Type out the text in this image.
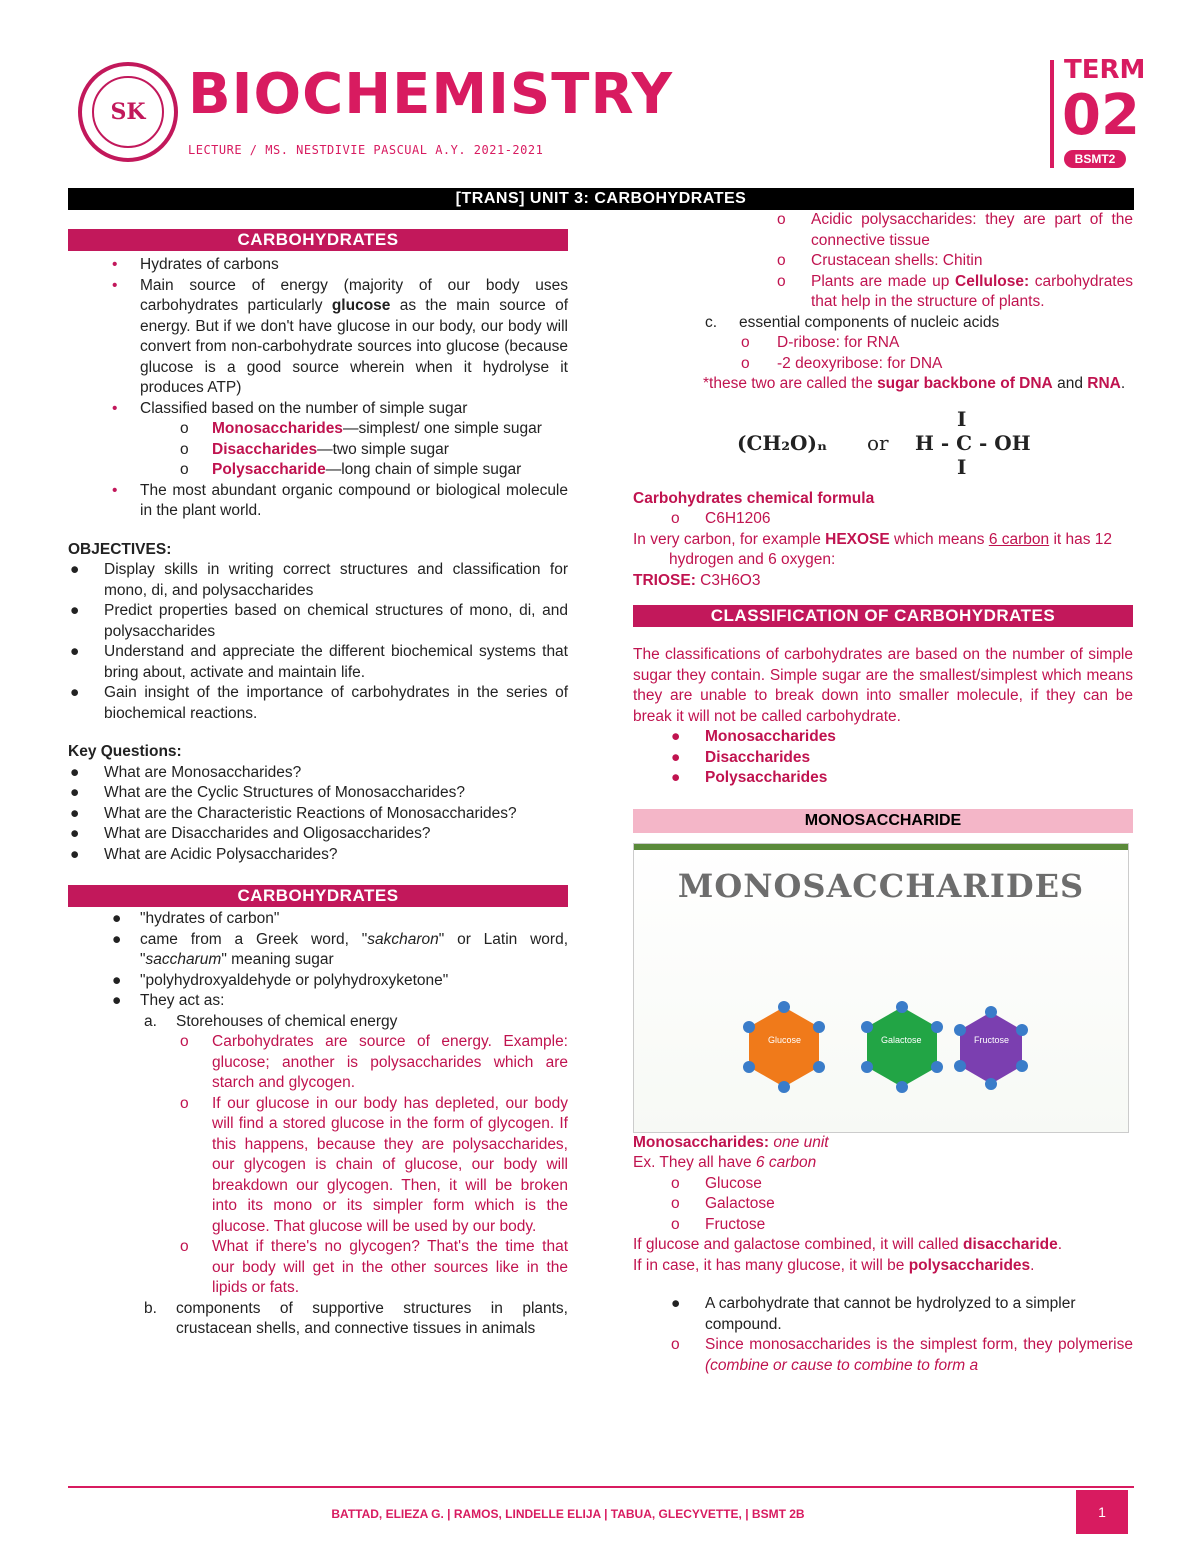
SK BIOCHEMISTRY
LECTURE / MS. NESTDIVIE PASCUAL A.Y. 2021-2021
TERM
02
BSMT2
[TRANS] UNIT 3: CARBOHYDRATES
CARBOHYDRATES
• Hydrates of carbons
• Main source of energy (majority of our body uses carbohydrates particularly glucose as the main source of energy. But if we don't have glucose in our body, our body will convert from non-carbohydrate sources into glucose (because glucose is a good source wherein when it hydrolyse it produces ATP)
• Classified based on the number of simple sugar
o Monosaccharides—simplest/ one simple sugar
o Disaccharides—two simple sugar
o Polysaccharide—long chain of simple sugar
• The most abundant organic compound or biological molecule in the plant world.
OBJECTIVES:
● Display skills in writing correct structures and classification for mono, di, and polysaccharides
● Predict properties based on chemical structures of mono, di, and polysaccharides
● Understand and appreciate the different biochemical systems that bring about, activate and maintain life.
● Gain insight of the importance of carbohydrates in the series of biochemical reactions.
Key Questions:
● What are Monosaccharides?
● What are the Cyclic Structures of Monosaccharides?
● What are the Characteristic Reactions of Monosaccharides?
● What are Disaccharides and Oligosaccharides?
● What are Acidic Polysaccharides?
CARBOHYDRATES
● "hydrates of carbon"
● came from a Greek word, "sakcharon" or Latin word, "saccharum" meaning sugar
● "polyhydroxyaldehyde or polyhydroxyketone"
● They act as:
a. Storehouses of chemical energy
o Carbohydrates are source of energy. Example: glucose; another is polysaccharides which are starch and glycogen.
o If our glucose in our body has depleted, our body will find a stored glucose in the form of glycogen. If this happens, because they are polysaccharides, our glycogen is chain of glucose, our body will breakdown our glycogen. Then, it will be broken into its mono or its simpler form which is the glucose. That glucose will be used by our body.
o What if there's no glycogen? That's the time that our body will get in the other sources like in the lipids or fats.
b. components of supportive structures in plants, crustacean shells, and connective tissues in animals
o Acidic polysaccharides: they are part of the connective tissue
o Crustacean shells: Chitin
o Plants are made up Cellulose: carbohydrates that help in the structure of plants.
c. essential components of nucleic acids
o D-ribose: for RNA
o -2 deoxyribose: for DNA
*these two are called the sugar backbone of DNA and RNA.
(CH₂O)ₙ or H - C - OH
I
I
Carbohydrates chemical formula
o C6H1206
In very carbon, for example HEXOSE which means 6 carbon it has 12 hydrogen and 6 oxygen:
TRIOSE: C3H6O3
CLASSIFICATION OF CARBOHYDRATES

The classifications of carbohydrates are based on the number of simple sugar they contain. Simple sugar are the smallest/simplest which means they are unable to break down into smaller molecule, if they can be break it will not be called carbohydrate.

● Monosaccharides
● Disaccharides
● Polysaccharides
MONOSACCHARIDE
MONOSACCHARIDES
Glucose	Galactose	Fructose
Monosaccharides: one unit
Ex. They all have 6 carbon
o Glucose
o Galactose
o Fructose
If glucose and galactose combined, it will called disaccharide.
If in case, it has many glucose, it will be polysaccharides.
● A carbohydrate that cannot be hydrolyzed to a simpler compound.
o Since monosaccharides is the simplest form, they polymerise (combine or cause to combine to form a
BATTAD, ELIEZA G. | RAMOS, LINDELLE ELIJA | TABUA, GLECYVETTE, | BSMT 2B	1
